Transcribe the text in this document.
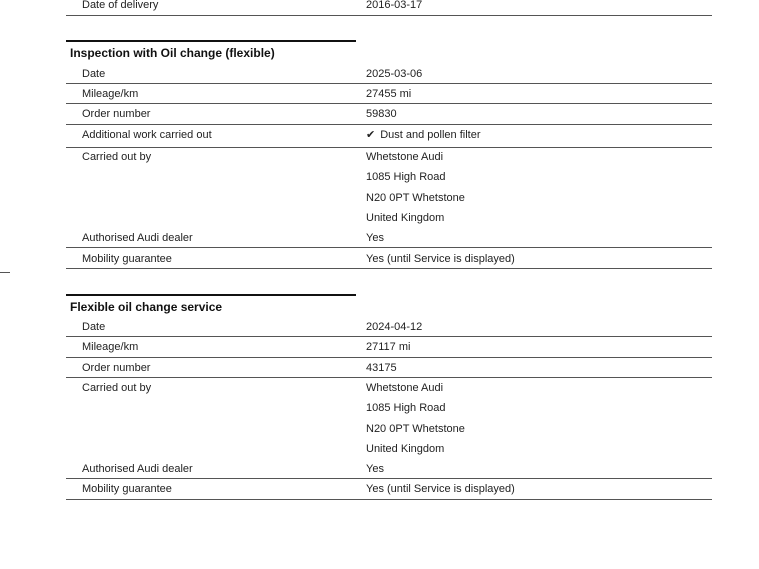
Date of delivery	2016-03-17
Inspection with Oil change (flexible)
Date	2025-03-06
Mileage/km	27455 mi
Order number	59830
Additional work carried out	✔ Dust and pollen filter
Carried out by	Whetstone Audi
1085 High Road
N20 0PT Whetstone
United Kingdom
Authorised Audi dealer	Yes
Mobility guarantee	Yes (until Service is displayed)
Flexible oil change service
Date	2024-04-12
Mileage/km	27117 mi
Order number	43175
Carried out by	Whetstone Audi
1085 High Road
N20 0PT Whetstone
United Kingdom
Authorised Audi dealer	Yes
Mobility guarantee	Yes (until Service is displayed)
